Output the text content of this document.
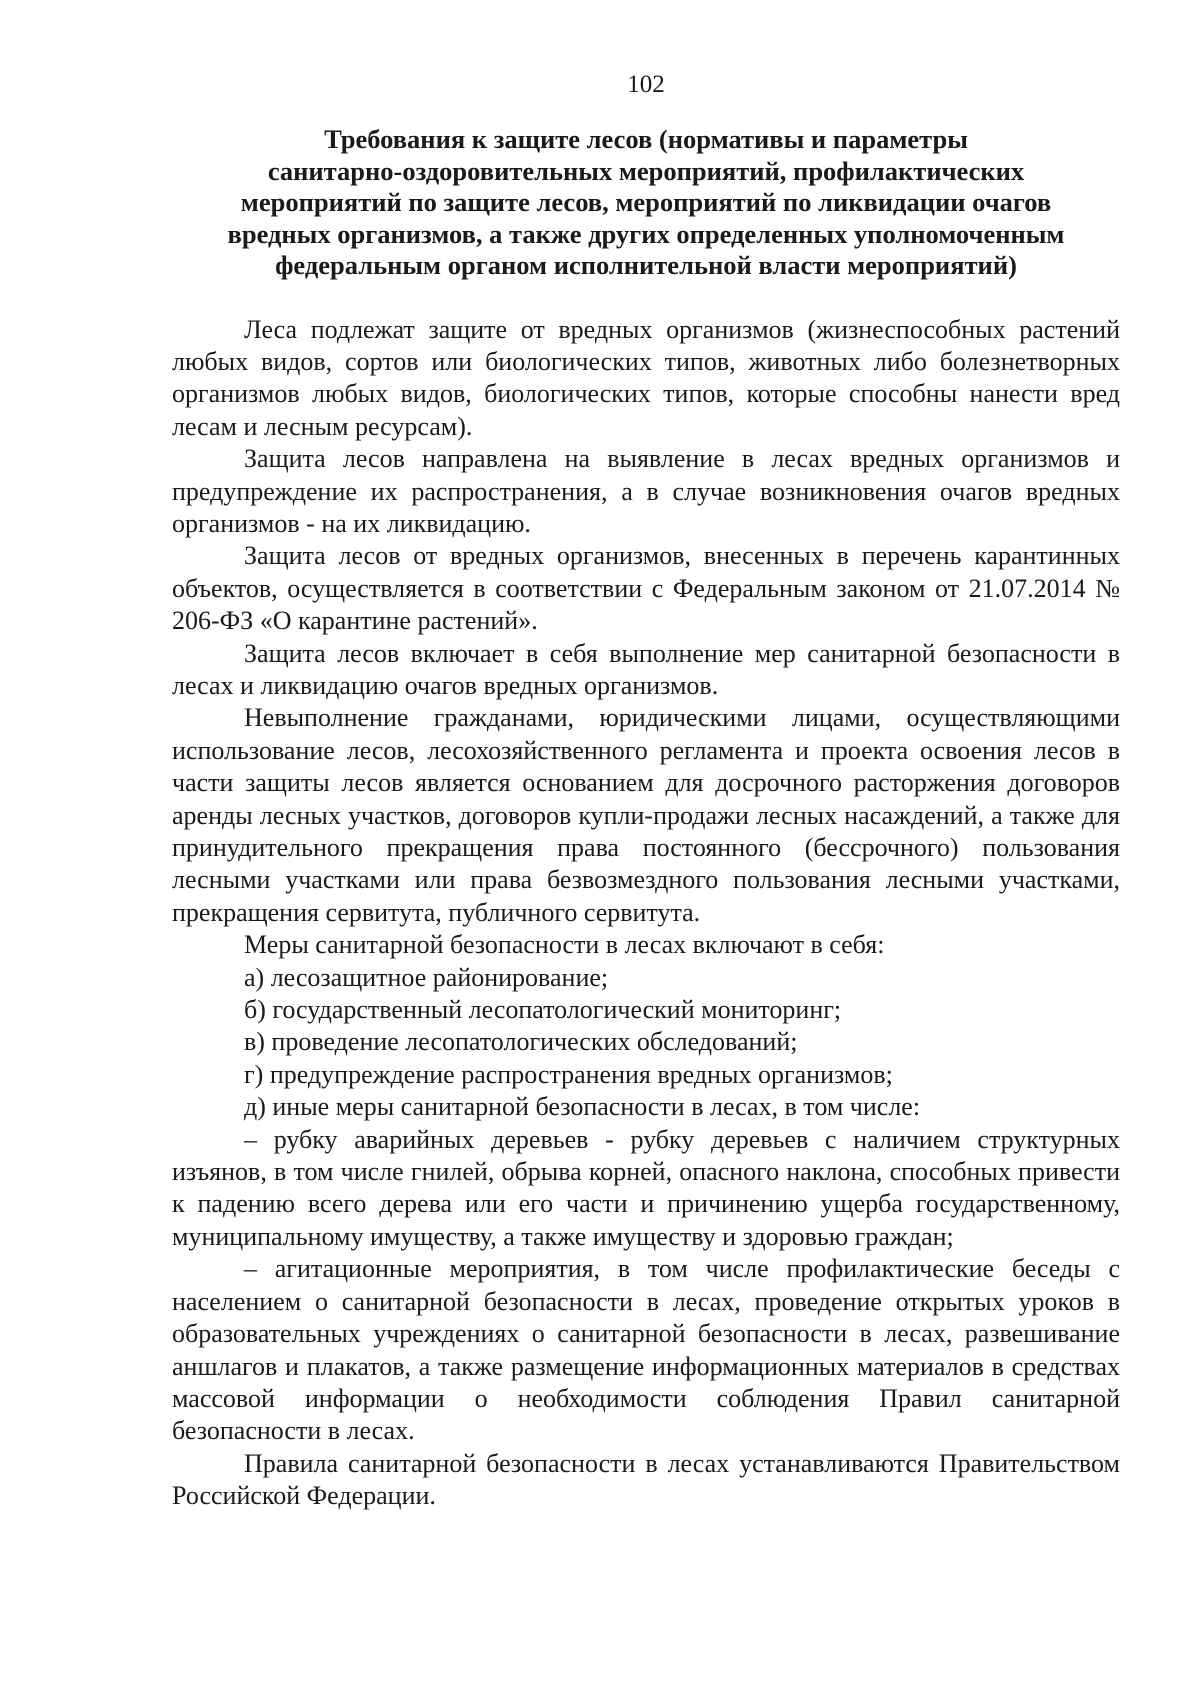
102
Требования к защите лесов (нормативы и параметры
санитарно-оздоровительных мероприятий, профилактических
мероприятий по защите лесов, мероприятий по ликвидации очагов
вредных организмов, а также других определенных уполномоченным
федеральным органом исполнительной власти мероприятий)

Леса подлежат защите от вредных организмов (жизнеспособных растений любых видов, сортов или биологических типов, животных либо болезнетворных организмов любых видов, биологических типов, которые способны нанести вред лесам и лесным ресурсам).

Защита лесов направлена на выявление в лесах вредных организмов и предупреждение их распространения, а в случае возникновения очагов вредных организмов - на их ликвидацию.

Защита лесов от вредных организмов, внесенных в перечень карантинных объектов, осуществляется в соответствии с Федеральным законом от 21.07.2014 № 206-ФЗ «О карантине растений».

Защита лесов включает в себя выполнение мер санитарной безопасности в лесах и ликвидацию очагов вредных организмов.

Невыполнение гражданами, юридическими лицами, осуществляющими использование лесов, лесохозяйственного регламента и проекта освоения лесов в части защиты лесов является основанием для досрочного расторжения договоров аренды лесных участков, договоров купли-продажи лесных насаждений, а также для принудительного прекращения права постоянного (бессрочного) пользования лесными участками или права безвозмездного пользования лесными участками, прекращения сервитута, публичного сервитута.

Меры санитарной безопасности в лесах включают в себя:

а) лесозащитное районирование;

б) государственный лесопатологический мониторинг;

в) проведение лесопатологических обследований;

г) предупреждение распространения вредных организмов;

д) иные меры санитарной безопасности в лесах, в том числе:

– рубку аварийных деревьев - рубку деревьев с наличием структурных изъянов, в том числе гнилей, обрыва корней, опасного наклона, способных привести к падению всего дерева или его части и причинению ущерба государственному, муниципальному имуществу, а также имуществу и здоровью граждан;

– агитационные мероприятия, в том числе профилактические беседы с населением о санитарной безопасности в лесах, проведение открытых уроков в образовательных учреждениях о санитарной безопасности в лесах, развешивание аншлагов и плакатов, а также размещение информационных материалов в средствах массовой информации о необходимости соблюдения Правил санитарной безопасности в лесах.

Правила санитарной безопасности в лесах устанавливаются Правительством Российской Федерации.
